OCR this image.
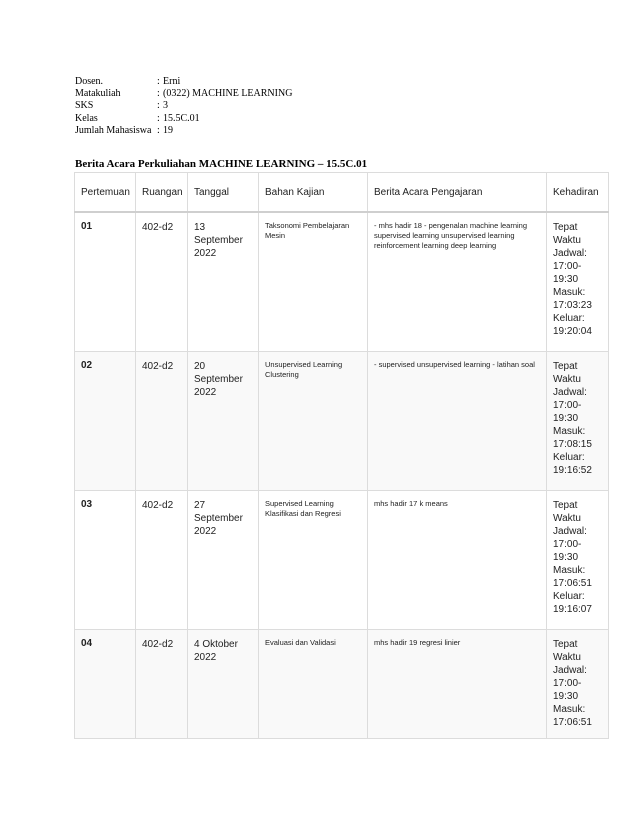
Dosen.	: Erni
Matakuliah	: (0322) MACHINE LEARNING
SKS	: 3
Kelas	: 15.5C.01
Jumlah Mahasiswa : 19
Berita Acara Perkuliahan MACHINE LEARNING – 15.5C.01
Pertemuan	Ruangan	Tanggal	Bahan Kajian	Berita Acara Pengajaran	Kehadiran

01	402-d2	13 September 2022	Taksonomi Pembelajaran Mesin	- mhs hadir 18 - pengenalan machine learning supervised learning unsupervised learning reinforcement learning deep learning	Tepat Waktu
Jadwal: 17:00-19:30
Masuk: 17:03:23
Keluar: 19:20:04

02	402-d2	20 September 2022	Unsupervised Learning Clustering	- supervised unsupervised learning - latihan soal	Tepat Waktu
Jadwal: 17:00-19:30
Masuk: 17:08:15
Keluar: 19:16:52

03	402-d2	27 September 2022	Supervised Learning Klasifikasi dan Regresi	mhs hadir 17 k means	Tepat Waktu
Jadwal: 17:00-19:30
Masuk: 17:06:51
Keluar: 19:16:07

04	402-d2	4 Oktober 2022	Evaluasi dan Validasi	mhs hadir 19 regresi linier	Tepat Waktu
Jadwal: 17:00-19:30
Masuk: 17:06:51
